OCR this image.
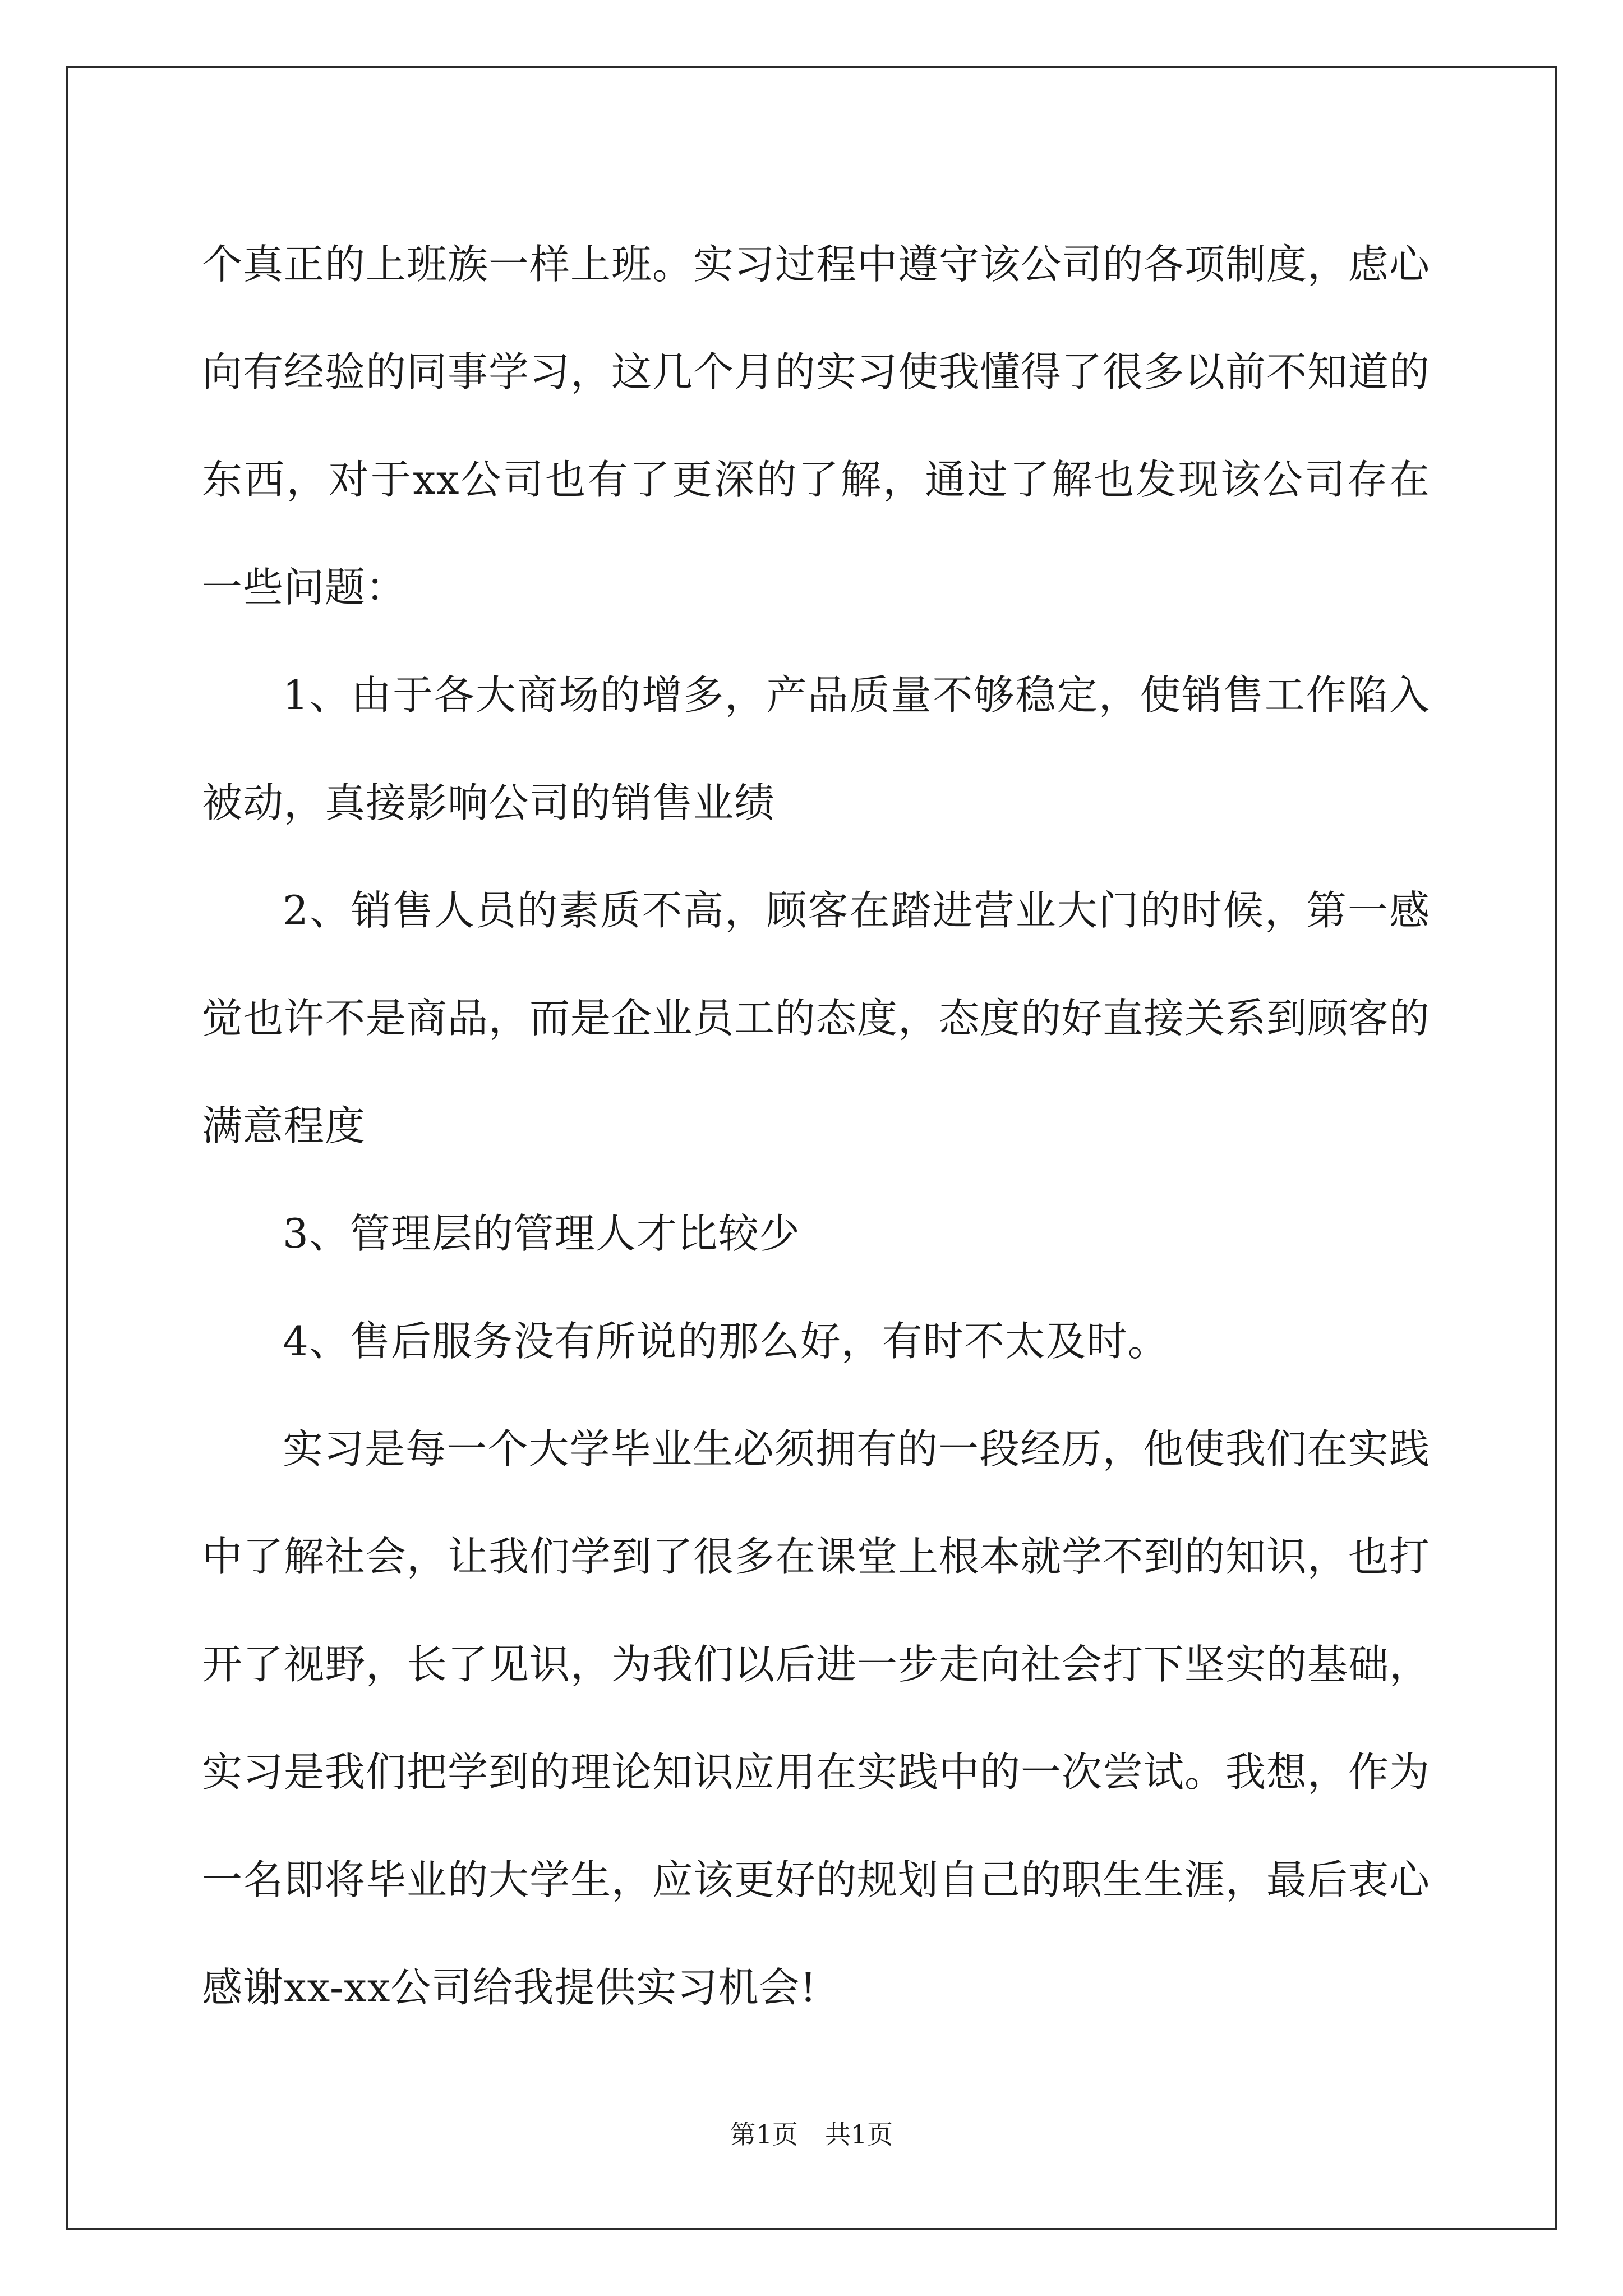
个真正的上班族一样上班。实习过程中遵守该公司的各项制度，虑心向有经验的同事学习，这几个月的实习使我懂得了很多以前不知道的东西，对于xx公司也有了更深的了解，通过了解也发现该公司存在一些问题：

1、由于各大商场的增多，产品质量不够稳定，使销售工作陷入被动，真接影响公司的销售业绩

2、销售人员的素质不高，顾客在踏进营业大门的时候，第一感觉也许不是商品，而是企业员工的态度，态度的好直接关系到顾客的满意程度

3、管理层的管理人才比较少

4、售后服务没有所说的那么好，有时不太及时。

实习是每一个大学毕业生必须拥有的一段经历，他使我们在实践中了解社会，让我们学到了很多在课堂上根本就学不到的知识，也打开了视野，长了见识，为我们以后进一步走向社会打下坚实的基础，实习是我们把学到的理论知识应用在实践中的一次尝试。我想，作为一名即将毕业的大学生，应该更好的规划自己的职生生涯，最后衷心感谢xx-xx公司给我提供实习机会!

第1页 共1页
